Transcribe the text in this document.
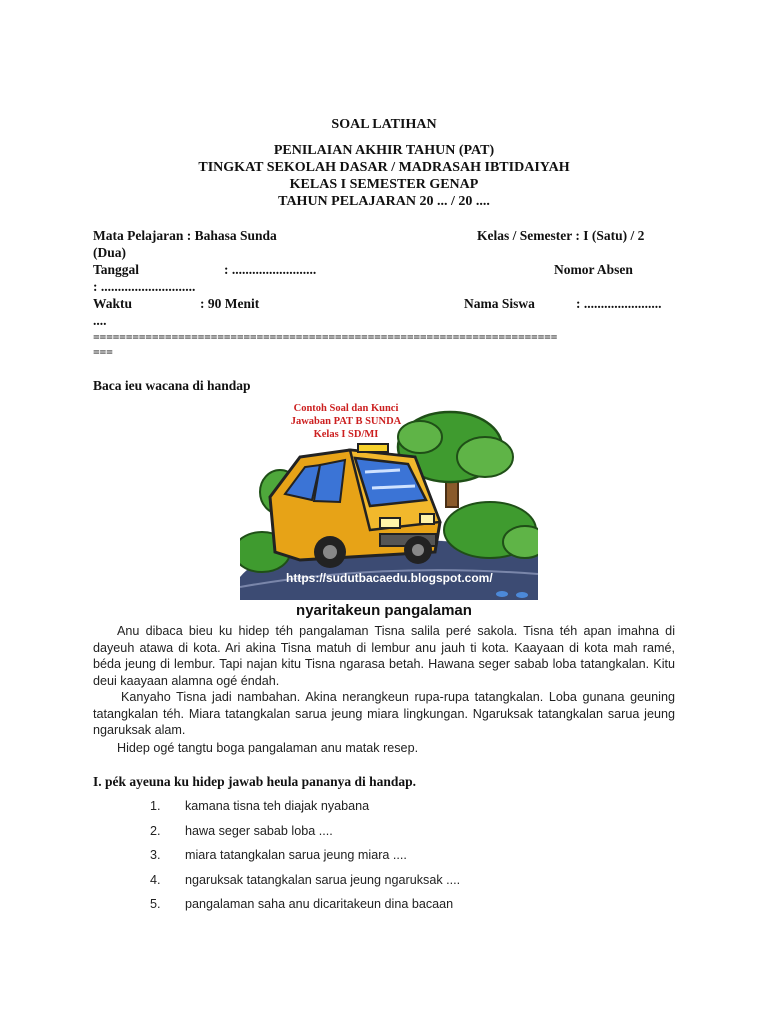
SOAL LATIHAN
PENILAIAN AKHIR TAHUN (PAT)
TINGKAT SEKOLAH DASAR / MADRASAH IBTIDAIYAH
KELAS I SEMESTER GENAP
TAHUN PELAJARAN 20 ... / 20 ....
Mata Pelajaran : Bahasa Sunda	Kelas / Semester : I (Satu) / 2
(Dua)
Tanggal	: .........................	Nomor Absen
: ............................
Waktu	: 90 Menit	Nama Siswa	: .......................
....
=======================================================================
===
Baca ieu wacana di handap
Contoh Soal dan Kunci
Jawaban PAT B SUNDA
Kelas I SD/MI
https://sudutbacaedu.blogspot.com/
nyaritakeun pangalaman
Anu dibaca bieu ku hidep téh pangalaman Tisna salila peré sakola. Tisna téh apan imahna di dayeuh atawa di kota. Ari akina Tisna matuh di lembur anu jauh ti kota. Kaayaan di kota mah ramé, béda jeung di lembur. Tapi najan kitu Tisna ngarasa betah. Hawana seger sabab loba tatangkalan. Kitu deui kaayaan alamna ogé éndah.
Kanyaho Tisna jadi nambahan. Akina nerangkeun rupa-rupa tatangkalan. Loba gunana geuning tatangkalan téh. Miara tatangkalan sarua jeung miara lingkungan. Ngaruksak tatangkalan sarua jeung ngaruksak alam.
Hidep ogé tangtu boga pangalaman anu matak resep.
I. pék ayeuna ku hidep jawab heula pananya di handap.
1. kamana tisna teh diajak nyabana
2. hawa seger sabab loba ....
3. miara tatangkalan sarua jeung miara ....
4. ngaruksak tatangkalan sarua jeung ngaruksak ....
5. pangalaman saha anu dicaritakeun dina bacaan
